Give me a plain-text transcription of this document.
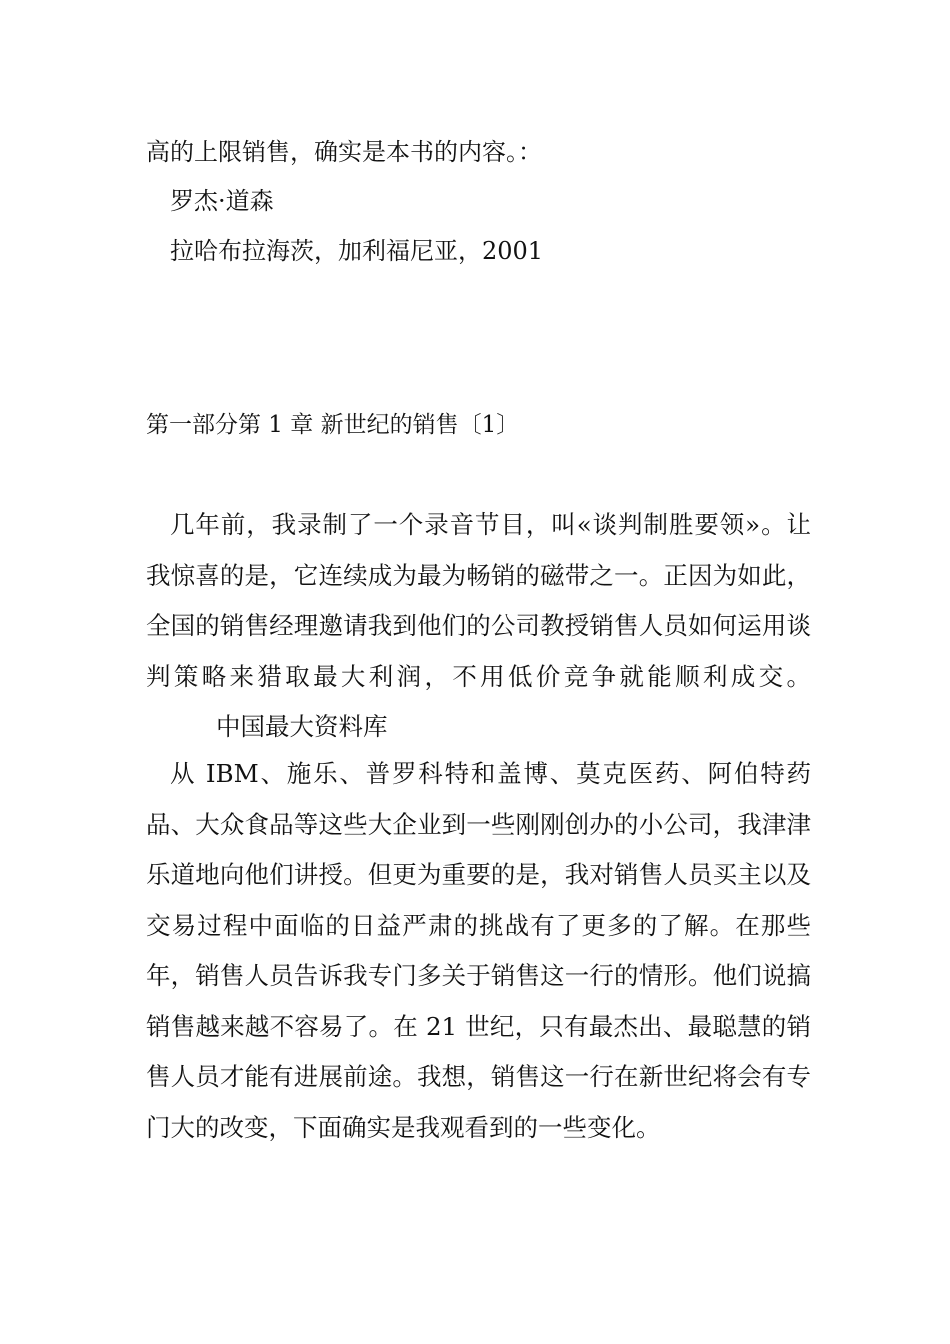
高的上限销售，确实是本书的内容。：
罗杰·道森
拉哈布拉海茨，加利福尼亚，2001
第一部分第 1 章 新世纪的销售〔1〕
几年前，我录制了一个录音节目，叫«谈判制胜要领»。让我惊喜的是，它连续成为最为畅销的磁带之一。正因为如此，全国的销售经理邀请我到他们的公司教授销售人员如何运用谈判策略来猎取最大利润，不用低价竞争就能顺利成交。中国最大资料库
从 IBM、施乐、普罗科特和盖博、莫克医药、阿伯特药品、大众食品等这些大企业到一些刚刚创办的小公司，我津津乐道地向他们讲授。但更为重要的是，我对销售人员买主以及交易过程中面临的日益严肃的挑战有了更多的了解。在那些年，销售人员告诉我专门多关于销售这一行的情形。他们说搞销售越来越不容易了。在 21 世纪，只有最杰出、最聪慧的销售人员才能有进展前途。我想，销售这一行在新世纪将会有专门大的改变，下面确实是我观看到的一些变化。
